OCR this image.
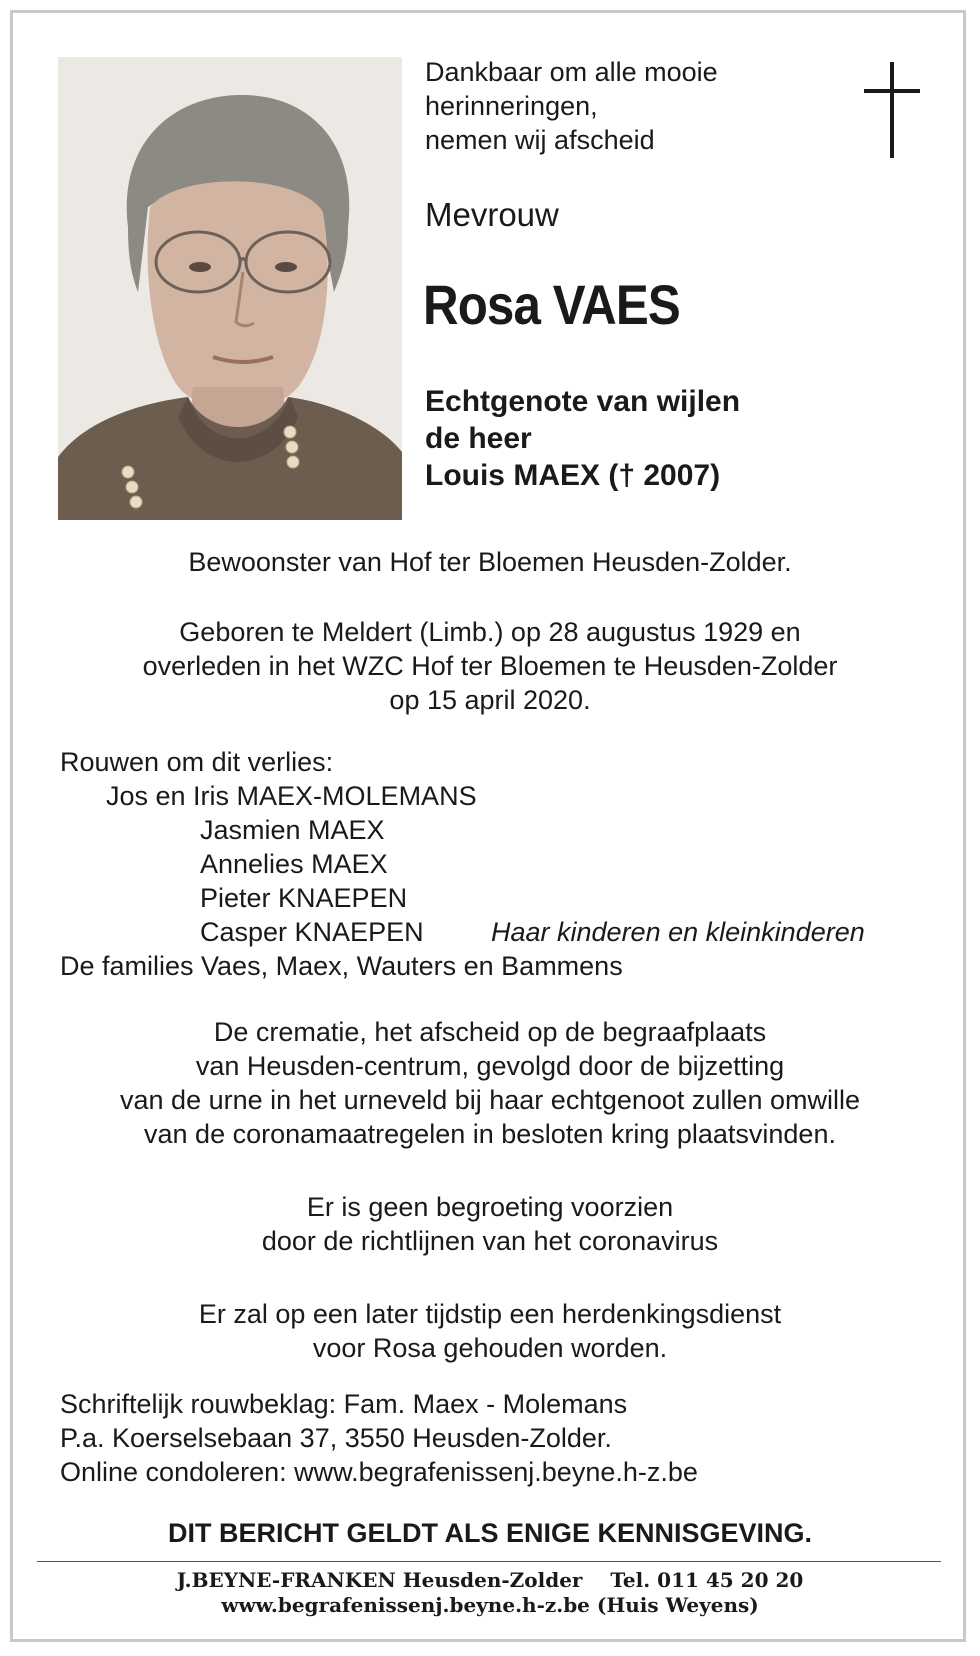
Dankbaar om alle mooie
herinneringen,
nemen wij afscheid
Mevrouw
Rosa VAES
Echtgenote van wijlen
de heer
Louis MAEX († 2007)
Bewoonster van Hof ter Bloemen Heusden-Zolder.
Geboren te Meldert (Limb.) op 28 augustus 1929 en
overleden in het WZC Hof ter Bloemen te Heusden-Zolder
op 15 april 2020.
Rouwen om dit verlies:
Jos en Iris MAEX-MOLEMANS
Jasmien MAEX
Annelies MAEX
Pieter KNAEPEN
Casper KNAEPEN Haar kinderen en kleinkinderen
De families Vaes, Maex, Wauters en Bammens
De crematie, het afscheid op de begraafplaats
van Heusden-centrum, gevolgd door de bijzetting
van de urne in het urneveld bij haar echtgenoot zullen omwille
van de coronamaatregelen in besloten kring plaatsvinden.
Er is geen begroeting voorzien
door de richtlijnen van het coronavirus
Er zal op een later tijdstip een herdenkingsdienst
voor Rosa gehouden worden.
Schriftelijk rouwbeklag: Fam. Maex - Molemans
P.a. Koerselsebaan 37, 3550 Heusden-Zolder.
Online condoleren: www.begrafenissenj.beyne.h-z.be
DIT BERICHT GELDT ALS ENIGE KENNISGEVING.
J.BEYNE-FRANKEN Heusden-Zolder    Tel. 011 45 20 20
www.begrafenissenj.beyne.h-z.be (Huis Weyens)
